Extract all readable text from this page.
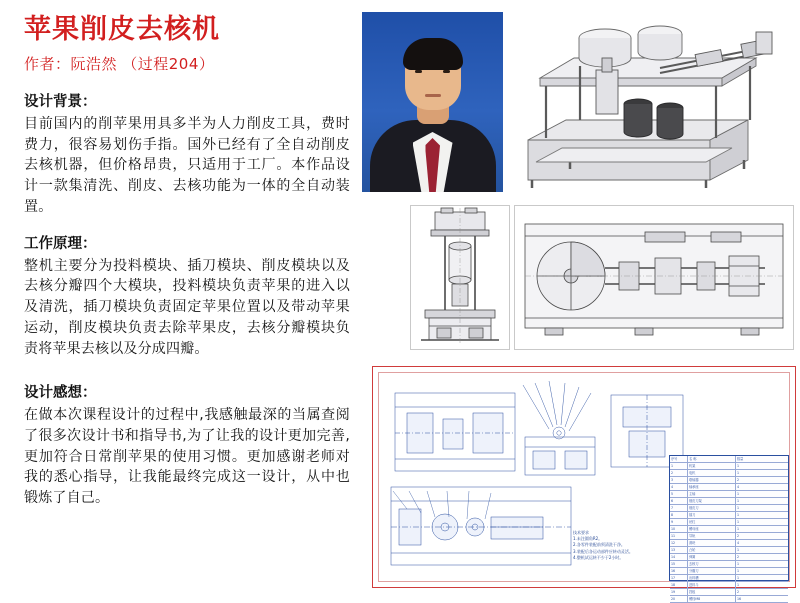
苹果削皮去核机
作者：阮浩然 （过程204）
设计背景：

目前国内的削苹果用具多半为人力削皮工具，费时费力，很容易划伤手指。国外已经有了全自动削皮去核机器，但价格昂贵，只适用于工厂。本作品设计一款集清洗、削皮、去核功能为一体的全自动装置。

工作原理：

整机主要分为投料模块、插刀模块、削皮模块以及去核分瓣四个大模块，投料模块负责苹果的进入以及清洗，插刀模块负责固定苹果位置以及带动苹果运动，削皮模块负责去除苹果皮，去核分瓣模块负责将苹果去核以及分成四瓣。

设计感想：

在做本次课程设计的过程中,我感触最深的当属查阅了很多次设计书和指导书,为了让我的设计更加完善,更加符合日常削苹果的使用习惯。更加感谢老师对我的悉心指导，让我能最终完成这一设计，从中也锻炼了自己。

技术要求
1.未注圆角R2。
2.各零件装配前须清洗干净。
3.装配后各运动部件应转动灵活。
4.整机试运转不少于2小时。
序号	名 称	数量
1	机架	1
2	电机	1
3	联轴器	2
4	轴承座	4
5	主轴	1
6	削皮刀架	1
7	削皮刀	1
8	插刀	1
9	丝杠	1
10	螺母座	1
11	导轨	2
12	滑块	4
13	凸轮	1
14	弹簧	2
15	去核刀	1
16	分瓣刀	1
17	出料槽	1
18	进料斗	1
19	挡板	2
20	螺栓M8	16
